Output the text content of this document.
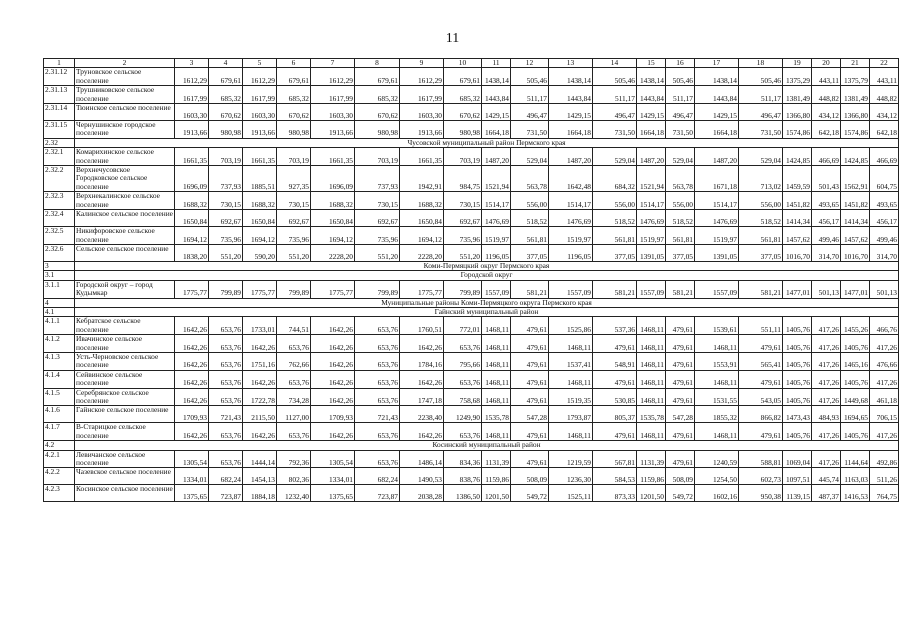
11
1	2	3	4	5	6	7	8	9	10	11	12	13	14	15	16	17	18	19	20	21	22
2.31.12	Труновское сельское поселение	1612,29	679,61	1612,29	679,61	1612,29	679,61	1612,29	679,61	1438,14	505,46	1438,14	505,46	1438,14	505,46	1438,14	505,46	1375,29	443,11	1375,79	443,11
2.31.13	Трушниковское сельское поселение	1617,99	685,32	1617,99	685,32	1617,99	685,32	1617,99	685,32	1443,84	511,17	1443,84	511,17	1443,84	511,17	1443,84	511,17	1381,49	448,82	1381,49	448,82
2.31.14	Тюинское сельское поселение	1603,30	670,62	1603,30	670,62	1603,30	670,62	1603,30	670,62	1429,15	496,47	1429,15	496,47	1429,15	496,47	1429,15	496,47	1366,80	434,12	1366,80	434,12
2.31.15	Чернушинское городское поселение	1913,66	980,98	1913,66	980,98	1913,66	980,98	1913,66	980,98	1664,18	731,50	1664,18	731,50	1664,18	731,50	1664,18	731,50	1574,86	642,18	1574,86	642,18
2.32	Чусовской муниципальный район Пермского края																				
2.32.1	Комарихинское сельское поселение	1661,35	703,19	1661,35	703,19	1661,35	703,19	1661,35	703,19	1487,20	529,04	1487,20	529,04	1487,20	529,04	1487,20	529,04	1424,85	466,69	1424,85	466,69
2.32.2	Верхнечусовское Городковское сельское поселение	1696,09	737,93	1885,51	927,35	1696,09	737,93	1942,91	984,75	1521,94	563,78	1642,48	684,32	1521,94	563,78	1671,18	713,02	1459,59	501,43	1562,91	604,75
2.32.3	Верхнекалинское сельское поселение	1688,32	730,15	1688,32	730,15	1688,32	730,15	1688,32	730,15	1514,17	556,00	1514,17	556,00	1514,17	556,00	1514,17	556,00	1451,82	493,65	1451,82	493,65
2.32.4	Калинское сельское поселение	1650,84	692,67	1650,84	692,67	1650,84	692,67	1650,84	692,67	1476,69	518,52	1476,69	518,52	1476,69	518,52	1476,69	518,52	1414,34	456,17	1414,34	456,17
2.32.5	Никифоровское сельское поселение	1694,12	735,96	1694,12	735,96	1694,12	735,96	1694,12	735,96	1519,97	561,81	1519,97	561,81	1519,97	561,81	1519,97	561,81	1457,62	499,46	1457,62	499,46
2.32.6	Сельское сельское поселение	1838,20	551,20	590,20	551,20	2228,20	551,20	2228,20	551,20	1196,05	377,05	1196,05	377,05	1391,05	377,05	1391,05	377,05	1016,70	314,70	1016,70	314,70
3	Коми-Пермяцкий округ Пермского края																				
3.1	Городской округ																				
3.1.1	Городской округ – город Кудымкар	1775,77	799,89	1775,77	799,89	1775,77	799,89	1775,77	799,89	1557,09	581,21	1557,09	581,21	1557,09	581,21	1557,09	581,21	1477,01	501,13	1477,01	501,13
4	Муниципальные районы Коми-Пермяцкого округа Пермского края																				
4.1	Гайнский муниципальный район																				
4.1.1	Кебратское сельское поселение	1642,26	653,76	1733,01	744,51	1642,26	653,76	1760,51	772,01	1468,11	479,61	1525,86	537,36	1468,11	479,61	1539,61	551,11	1405,76	417,26	1455,26	466,76
4.1.2	Ивачинское сельское поселение	1642,26	653,76	1642,26	653,76	1642,26	653,76	1642,26	653,76	1468,11	479,61	1468,11	479,61	1468,11	479,61	1468,11	479,61	1405,76	417,26	1405,76	417,26
4.1.3	Усть-Черновское сельское поселение	1642,26	653,76	1751,16	762,66	1642,26	653,76	1784,16	795,66	1468,11	479,61	1537,41	548,91	1468,11	479,61	1553,91	565,41	1405,76	417,26	1465,16	476,66
4.1.4	Сейвинское сельское поселение	1642,26	653,76	1642,26	653,76	1642,26	653,76	1642,26	653,76	1468,11	479,61	1468,11	479,61	1468,11	479,61	1468,11	479,61	1405,76	417,26	1405,76	417,26
4.1.5	Серебрянское сельское поселение	1642,26	653,76	1722,78	734,28	1642,26	653,76	1747,18	758,68	1468,11	479,61	1519,35	530,85	1468,11	479,61	1531,55	543,05	1405,76	417,26	1449,68	461,18
4.1.6	Гайнское сельское поселение	1709,93	721,43	2115,50	1127,00	1709,93	721,43	2238,40	1249,90	1535,78	547,28	1793,87	805,37	1535,78	547,28	1855,32	866,82	1473,43	484,93	1694,65	706,15
4.1.7	В-Старицкое сельское поселение	1642,26	653,76	1642,26	653,76	1642,26	653,76	1642,26	653,76	1468,11	479,61	1468,11	479,61	1468,11	479,61	1468,11	479,61	1405,76	417,26	1405,76	417,26
4.2	Косинский муниципальный район																				
4.2.1	Левичанское сельское поселение	1305,54	653,76	1444,14	792,36	1305,54	653,76	1486,14	834,36	1131,39	479,61	1219,59	567,81	1131,39	479,61	1240,59	588,81	1069,04	417,26	1144,64	492,86
4.2.2	Чазевское сельское поселение	1334,01	682,24	1454,13	802,36	1334,01	682,24	1490,53	838,76	1159,86	508,09	1236,30	584,53	1159,86	508,09	1254,50	602,73	1097,51	445,74	1163,03	511,26
4.2.3	Косинское сельское поселение	1375,65	723,87	1884,18	1232,40	1375,65	723,87	2038,28	1386,50	1201,50	549,72	1525,11	873,33	1201,50	549,72	1602,16	950,38	1139,15	487,37	1416,53	764,75
